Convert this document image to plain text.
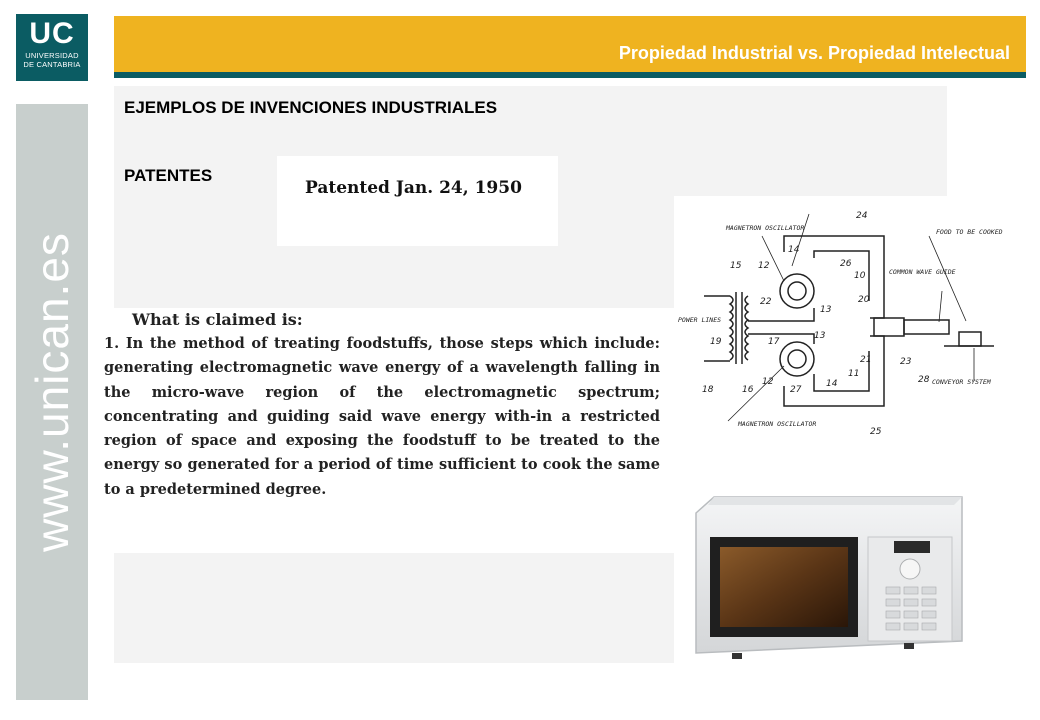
UC
UNIVERSIDAD
DE CANTABRIA
www.unican.es
Propiedad Industrial vs. Propiedad Intelectual
EJEMPLOS DE INVENCIONES INDUSTRIALES
PATENTES
Patented Jan. 24, 1950

What is claimed is:
1. In the method of treating foodstuffs, those steps which include: generating electromagnetic wave energy of a wavelength falling in the micro-wave region of the electromagnetic spectrum; concentrating and guiding said wave energy with-in a restricted region of space and exposing the foodstuff to be treated to the energy so generated for a period of time sufficient to cook the same to a predetermined degree.

MAGNETRON OSCILLATOR	FOOD TO BE COOKED
COMMON WAVE GUIDE
POWER LINES
CONVEYOR SYSTEM
MAGNETRON OSCILLATOR
24
14
12	26
10
15
13
20
22
17
13
19
21
11
18	16
12
27
14
23
28
25
